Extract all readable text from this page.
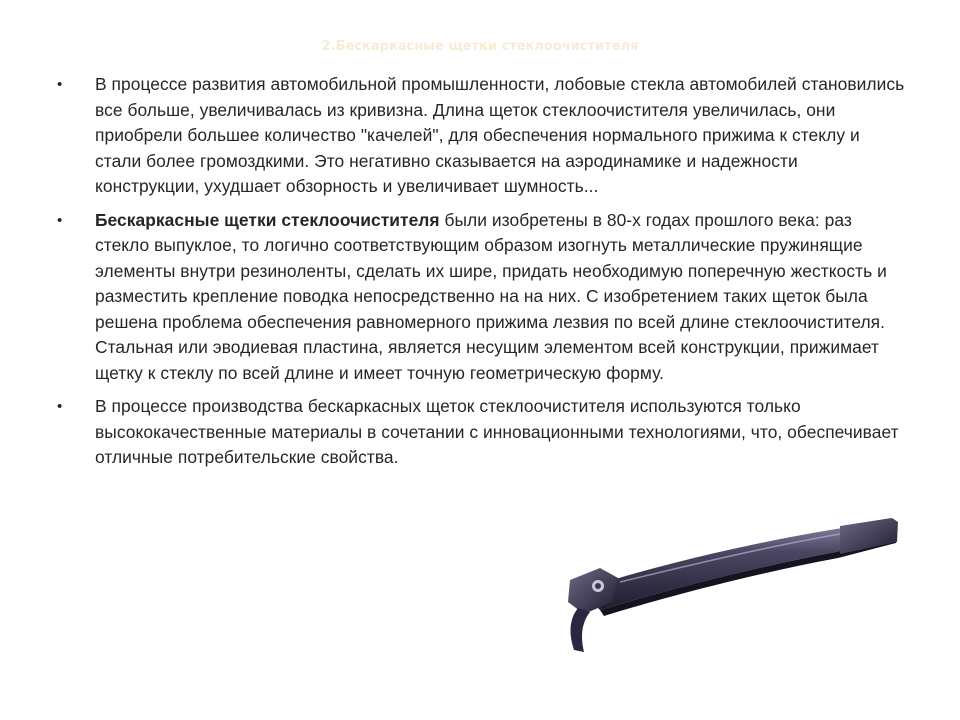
2.Бескаркасные щетки стеклоочистителя
• В процессе развития автомобильной промышленности, лобовые стекла автомобилей становились все больше, увеличивалась из кривизна. Длина щеток стеклоочистителя увеличилась, они приобрели большее количество "качелей", для обеспечения нормального прижима к стеклу и стали более громоздкими. Это негативно сказывается на аэродинамике и надежности конструкции, ухудшает обзорность и увеличивает шумность...
• Бескаркасные щетки стеклоочистителя были изобретены в 80-х годах прошлого века: раз стекло выпуклое, то логично соответствующим образом изогнуть металлические пружинящие элементы внутри резиноленты, сделать их шире, придать необходимую поперечную жесткость и разместить крепление поводка непосредственно на на них. С изобретением таких щеток была решена проблема обеспечения равномерного прижима лезвия по всей длине стеклоочистителя. Стальная или эводиевая пластина, является несущим элементом всей конструкции, прижимает щетку к стеклу по всей длине и имеет точную геометрическую форму.
• В процессе производства бескаркасных щеток стеклоочистителя используются только высококачественные материалы в сочетании с инновационными технологиями, что, обеспечивает отличные потребительские свойства.
